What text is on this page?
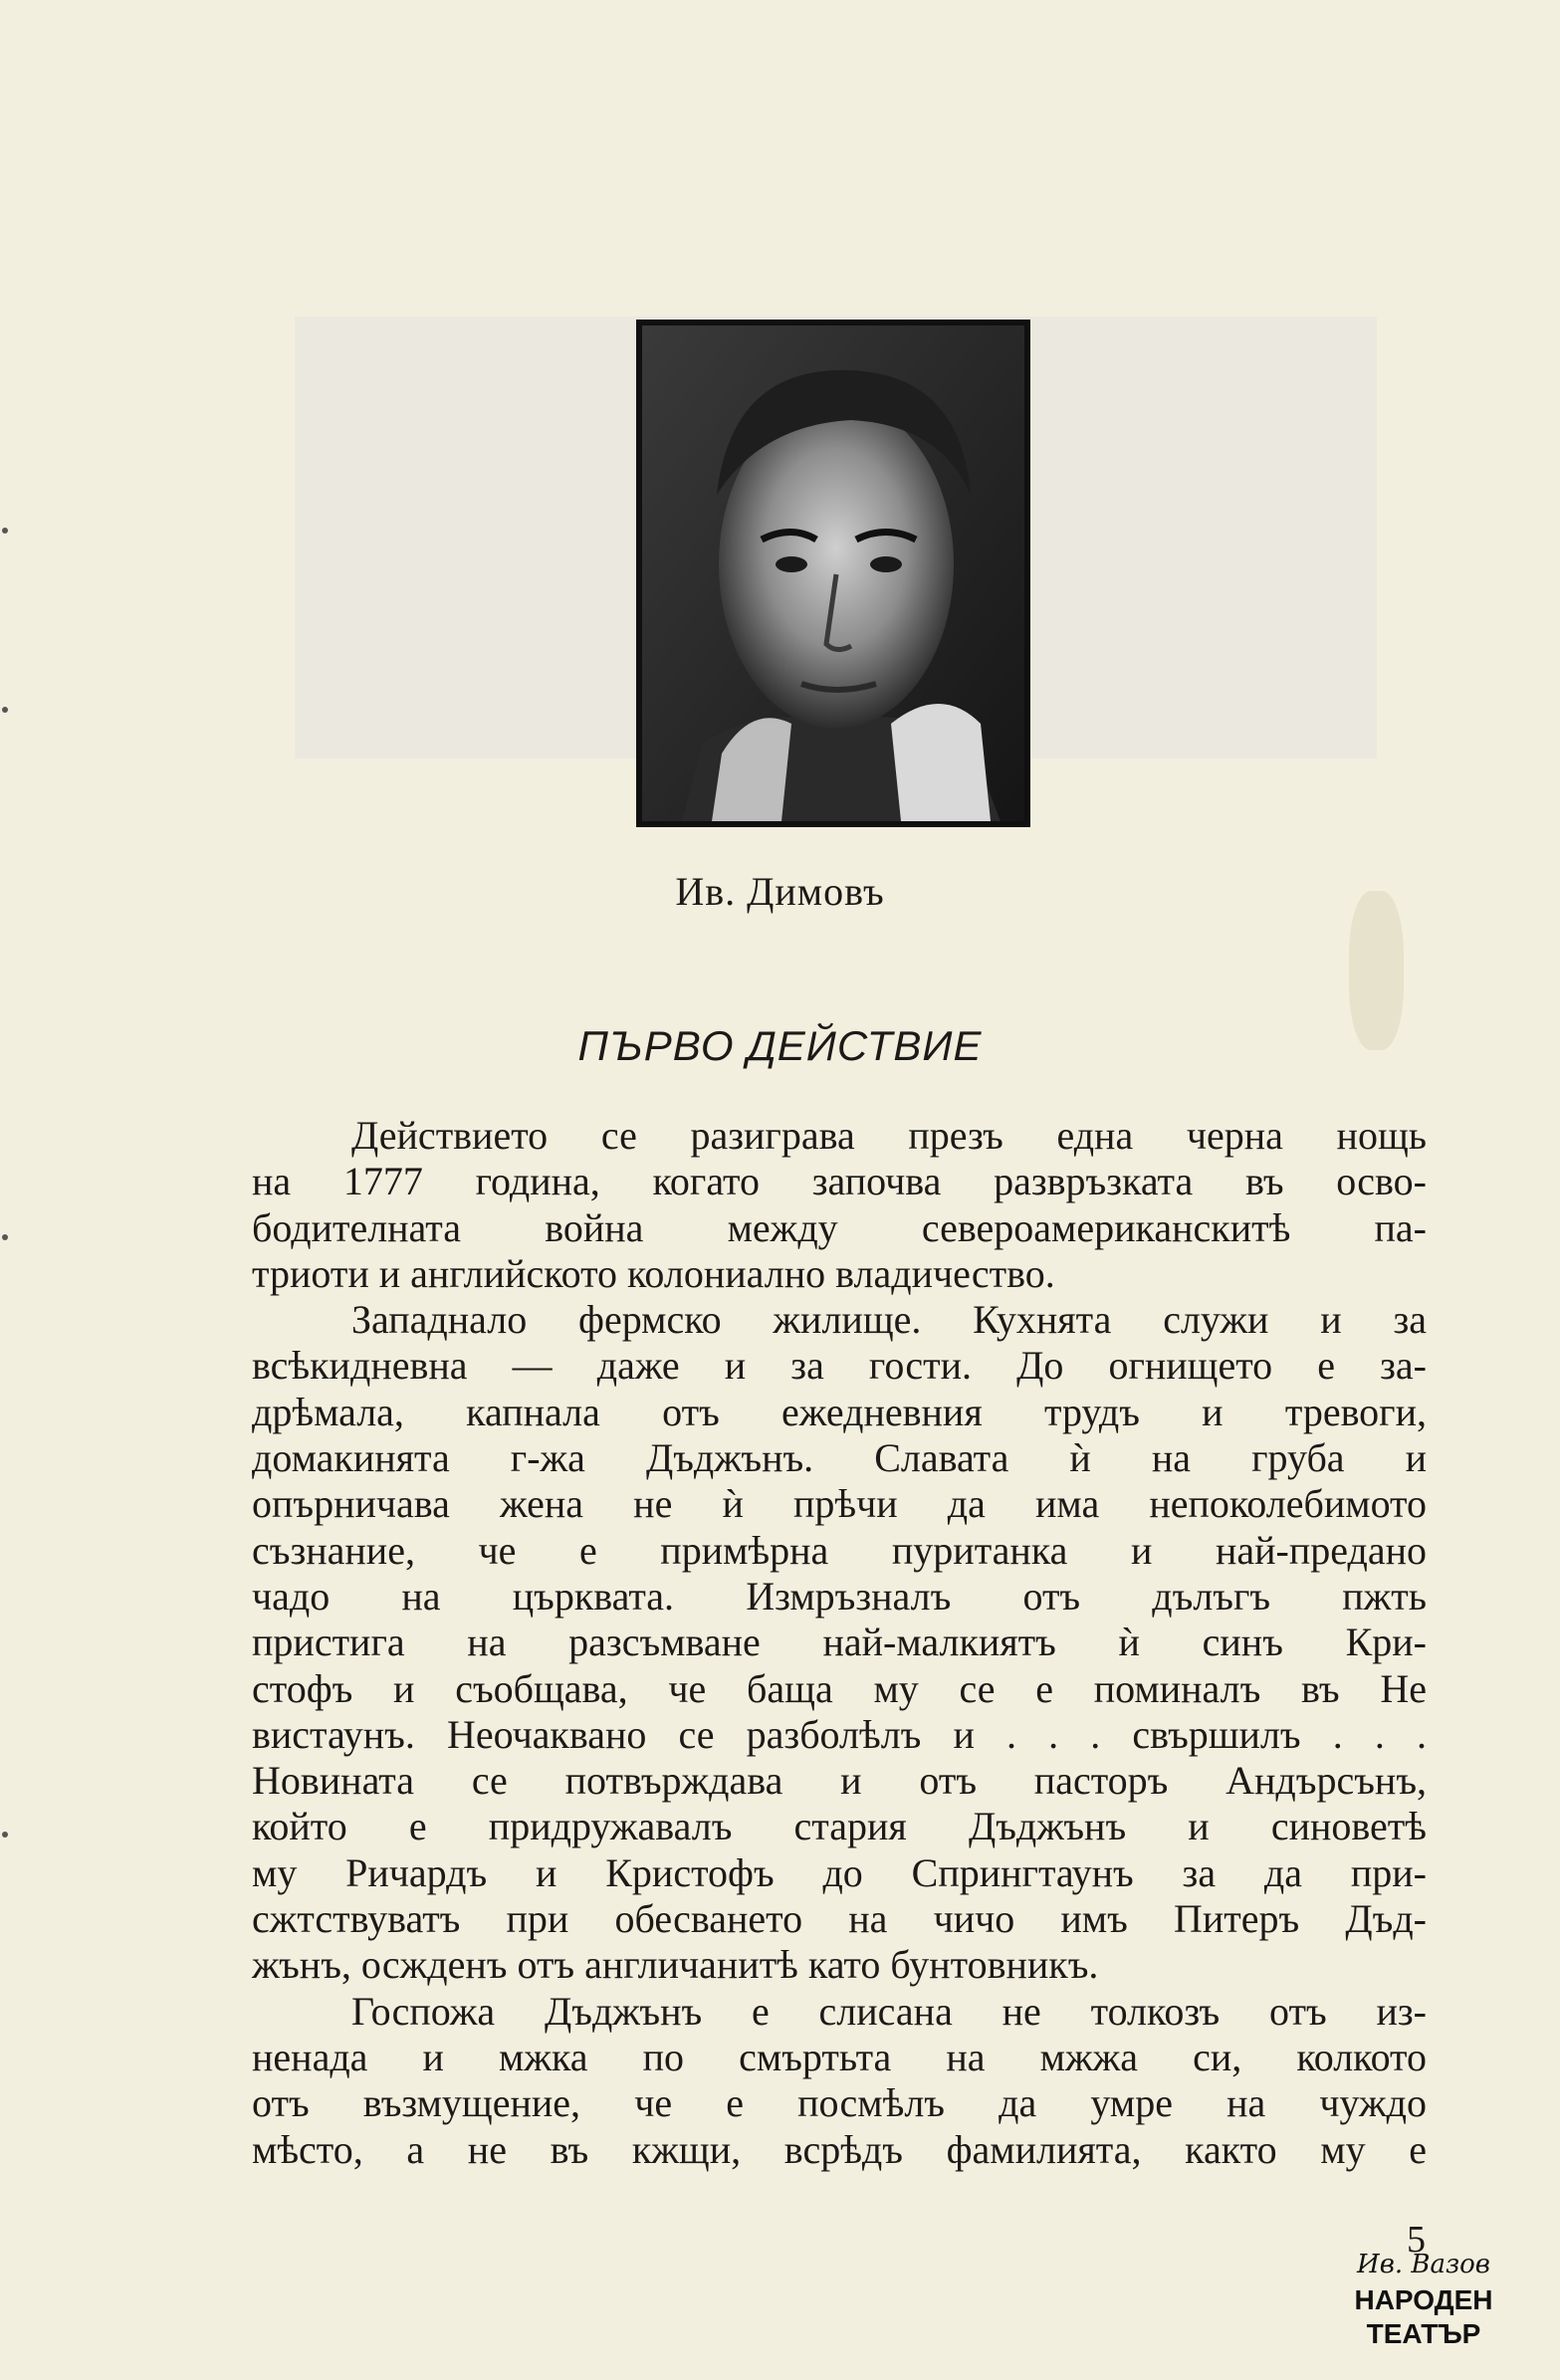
Ив. Димовъ
ПЪРВО ДЕЙСТВИЕ

Действието се разиграва презъ една черна нощь
на 1777 година, когато започва развръзката въ осво-
бодителната война между северoамериканскитѣ па-
триоти и английското колониално владичество.

Западнало фермско жилище. Кухнята служи и за
всѣкидневна — даже и за гости. До огнището е за-
дрѣмала, капнала отъ ежедневния трудъ и тревоги,
домакинята г-жа Дъджънъ. Славата ѝ на груба и
опърничава жена не ѝ прѣчи да има непоколебимото
съзнание, че е примѣрна пуританка и най-предано
чадо на църквата. Измръзналъ отъ дълъгъ пжть
пристига на разсъмване най-малкиятъ ѝ синъ Кри-
стофъ и съобщава, че баща му се е поминалъ въ Не
вистаунъ. Неочаквано се разболѣлъ и . . . свършилъ . . .
Новината се потвърждава и отъ пасторъ Андърсънъ,
който е придружавалъ стария Дъджънъ и синоветѣ
му Ричардъ и Кристофъ до Спрингтаунъ за да при-
сжтствуватъ при обесването на чичо имъ Питеръ Дъд-
жънъ, осжденъ отъ англичанитѣ като бунтовникъ.

Госпожа Дъджънъ е слисана не толкозъ отъ из-
ненада и мжка по смъртьта на мжжа си, колкото
отъ възмущение, че е посмѣлъ да умре на чуждо
мѣсто, а не въ кжщи, всрѣдъ фамилията, както му е

5
Ив. Вазов
НАРОДЕН
ТЕАТЪР
